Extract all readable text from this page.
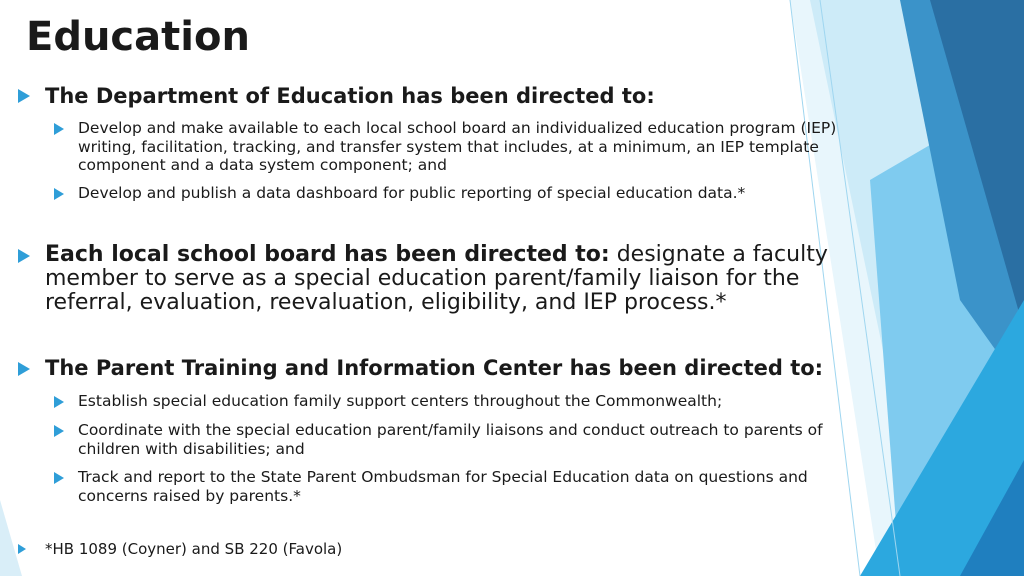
Education
The Department of Education has been directed to:
Develop and make available to each local school board an individualized education program (IEP) writing, facilitation, tracking, and transfer system that includes, at a minimum, an IEP template component and a data system component; and
Develop and publish a data dashboard for public reporting of special education data.*
Each local school board has been directed to: designate a faculty member to serve as a special education parent/family liaison for the referral, evaluation, reevaluation, eligibility, and IEP process.*
The Parent Training and Information Center has been directed to:
Establish special education family support centers throughout the Commonwealth;
Coordinate with the special education parent/family liaisons and conduct outreach to parents of children with disabilities; and
Track and report to the State Parent Ombudsman for Special Education data on questions and concerns raised by parents.*
*HB 1089 (Coyner) and SB 220 (Favola)
